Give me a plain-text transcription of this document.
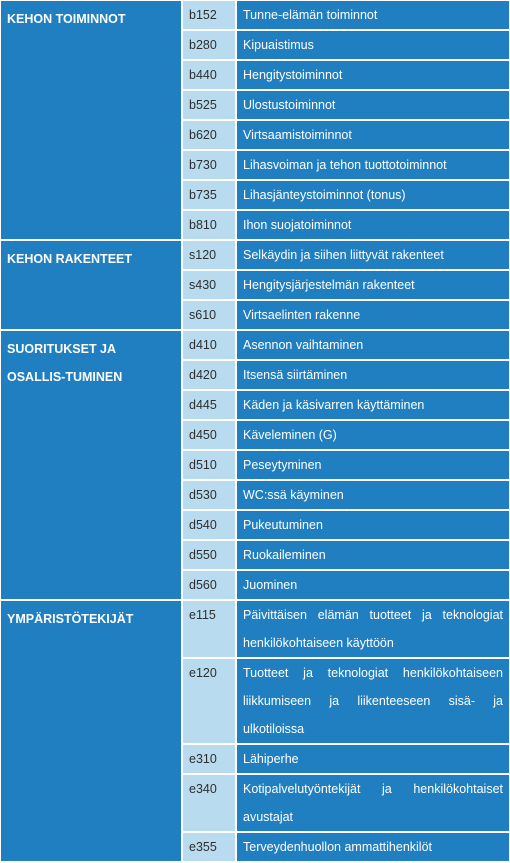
KEHON TOIMINNOT	b152	Tunne-elämän toiminnot
	b280	Kipuaistimus
	b440	Hengitystoiminnot
	b525	Ulostustoiminnot
	b620	Virtsaamistoiminnot
	b730	Lihasvoiman ja tehon tuottotoiminnot
	b735	Lihasjänteystoiminnot (tonus)
	b810	Ihon suojatoiminnot
KEHON RAKENTEET	s120	Selkäydin ja siihen liittyvät rakenteet
	s430	Hengitysjärjestelmän rakenteet
	s610	Virtsaelinten rakenne
SUORITUKSET JA OSALLIS-TUMINEN	d410	Asennon vaihtaminen
	d420	Itsensä siirtäminen
	d445	Käden ja käsivarren käyttäminen
	d450	Käveleminen (G)
	d510	Peseytyminen
	d530	WC:ssä käyminen
	d540	Pukeutuminen
	d550	Ruokaileminen
	d560	Juominen
YMPÄRISTÖTEKIJÄT	e115	Päivittäisen elämän tuotteet ja teknologiat henkilökohtaiseen käyttöön
	e120	Tuotteet ja teknologiat henkilökohtaiseen liikkumiseen ja liikenteeseen sisä- ja ulkotiloissa
	e310	Lähiperhe
	e340	Kotipalvelutyöntekijät ja henkilökohtaiset avustajat
	e355	Terveydenhuollon ammattihenkilöt
